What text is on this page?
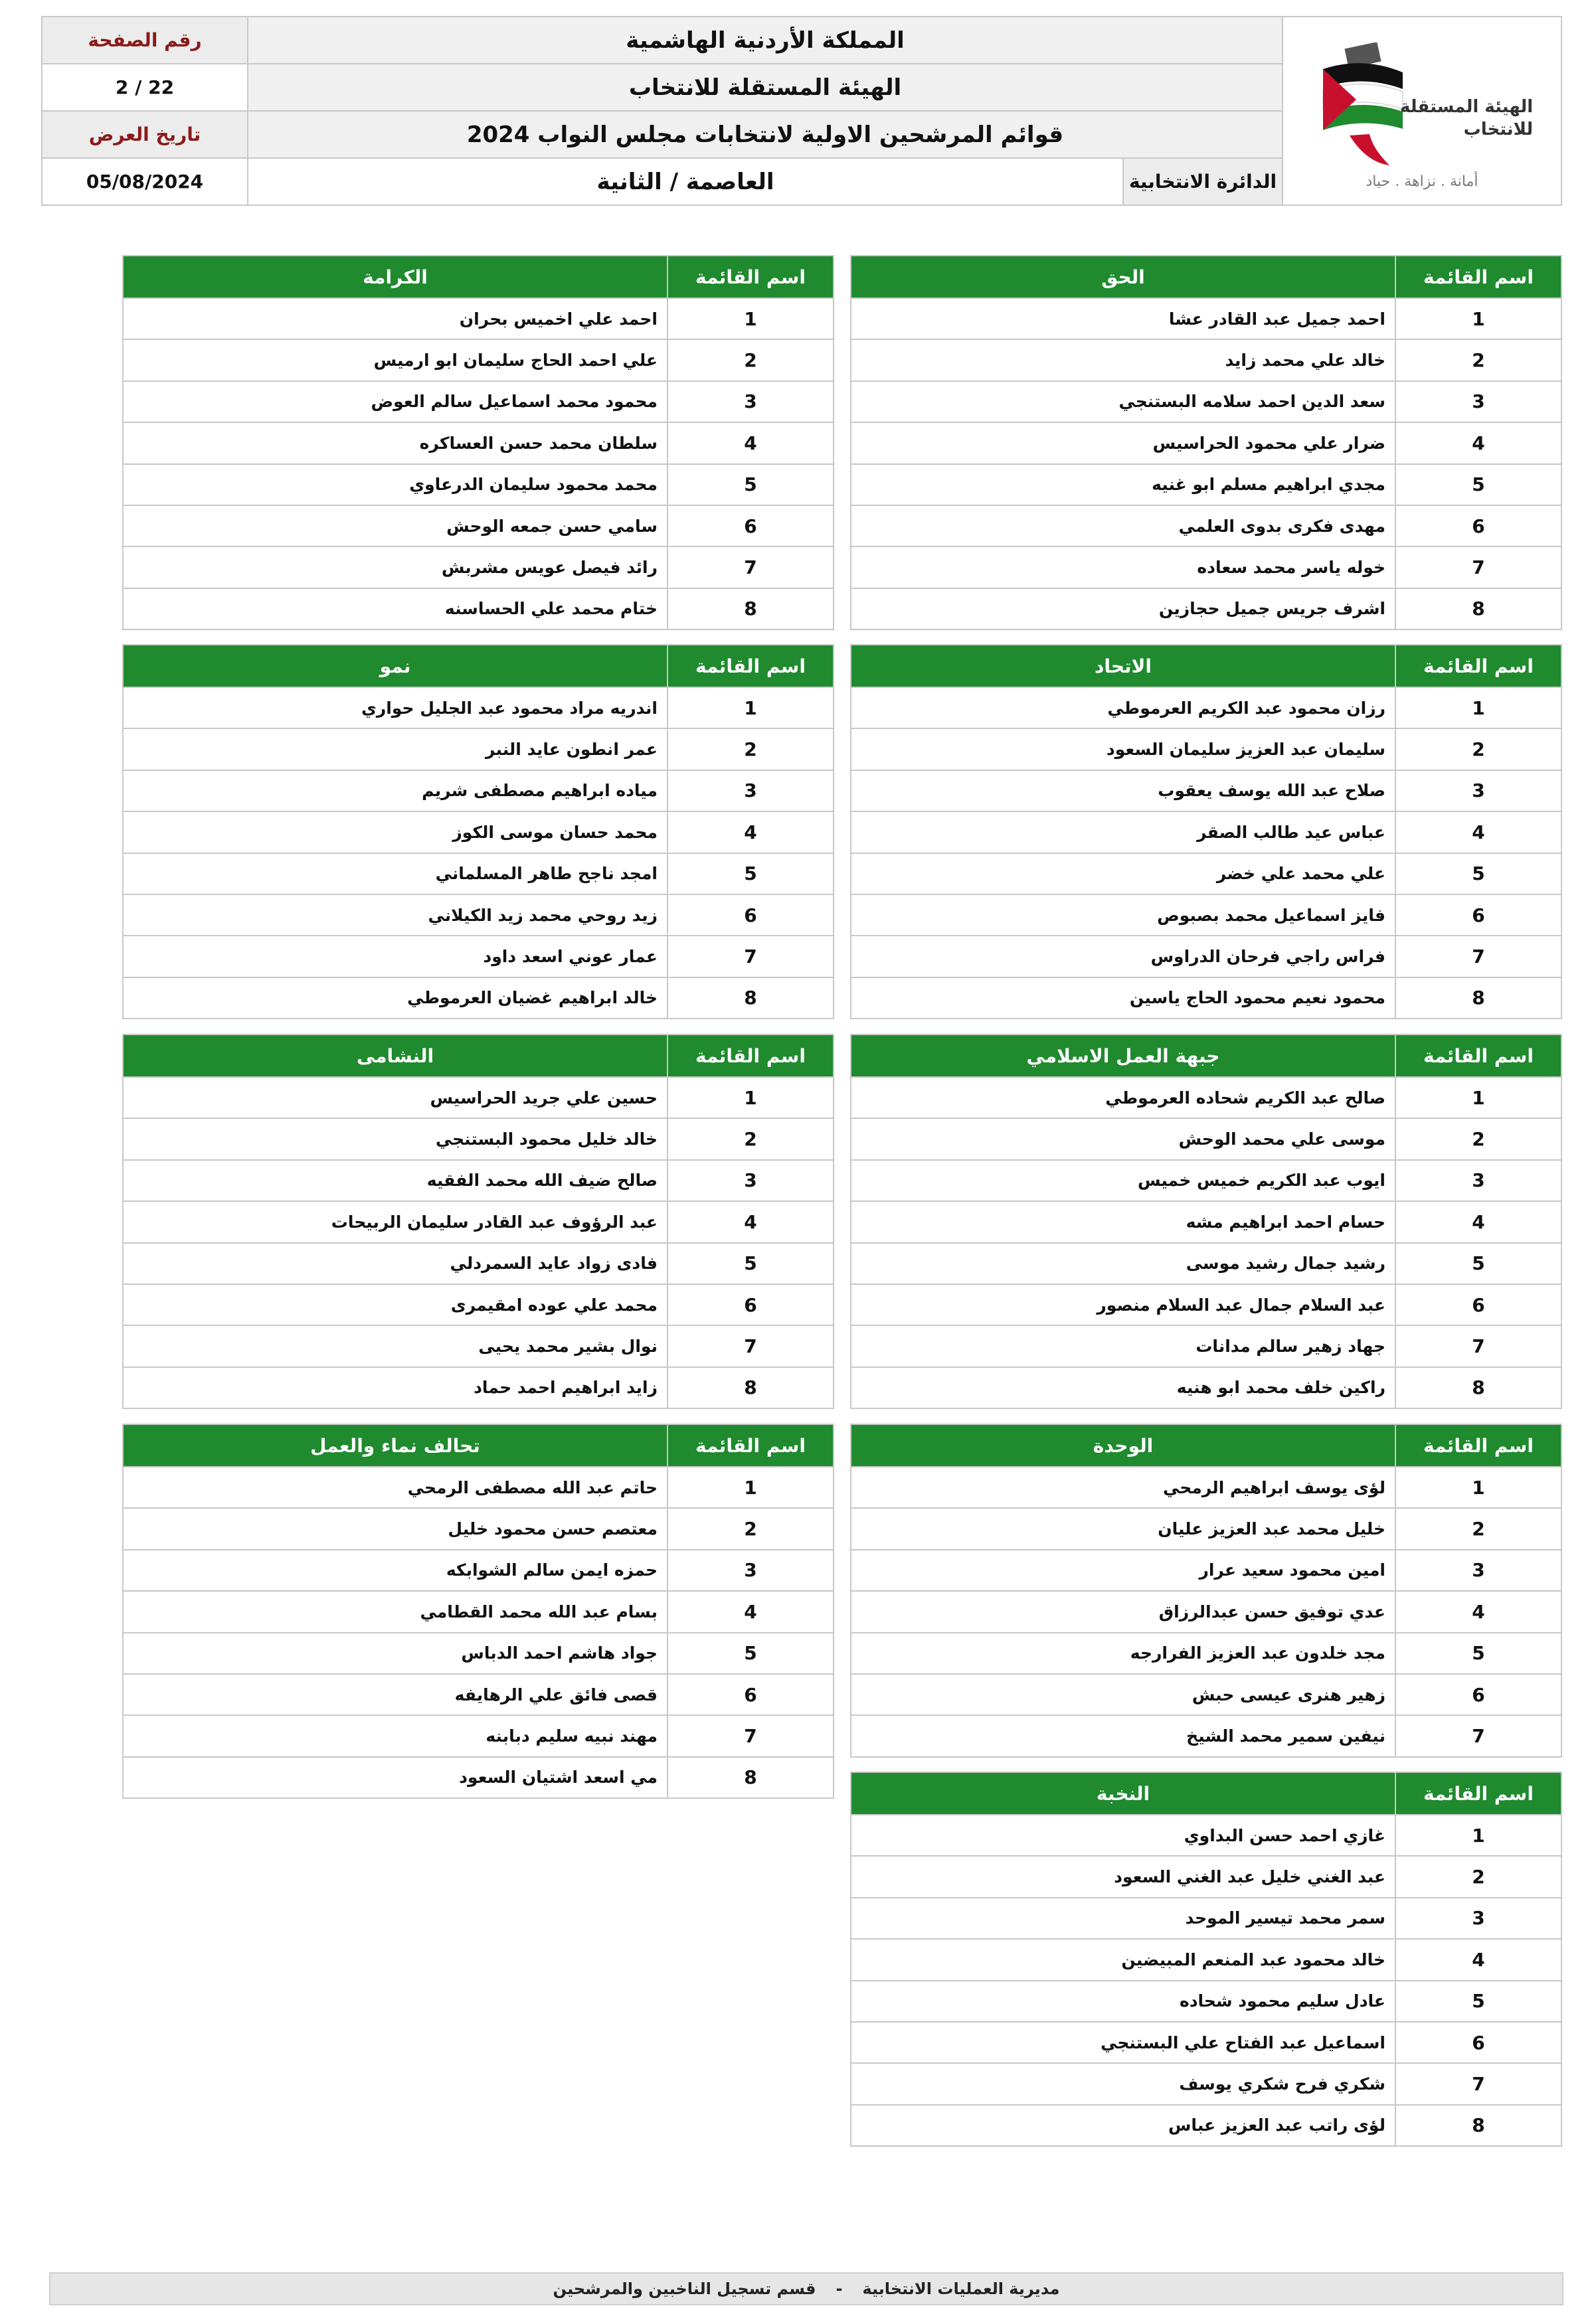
رقم الصفحة
2 / 22
تاريخ العرض
05/08/2024
المملكة الأردنية الهاشمية
الهيئة المستقلة للانتخاب
قوائم المرشحين الاولية لانتخابات مجلس النواب 2024
العاصمة / الثانية	الدائرة الانتخابية
الهيئة المستقلة
للانتخاب
أمانة . نزاهة . حياد
اسم القائمة	الحق
1	احمد جميل عبد القادر عشا
2	خالد علي محمد زايد
3	سعد الدين احمد سلامه البستنجي
4	ضرار علي محمود الحراسيس
5	مجدي ابراهيم مسلم ابو غنيه
6	مهدى فكرى بدوى العلمي
7	خوله ياسر محمد سعاده
8	اشرف جريس جميل حجازين
اسم القائمة	الكرامة
1	احمد علي اخميس بحران
2	علي احمد الحاج سليمان ابو ارميس
3	محمود محمد اسماعيل سالم العوض
4	سلطان محمد حسن العساكره
5	محمد محمود سليمان الدرعاوي
6	سامي حسن جمعه الوحش
7	رائد فيصل عويس مشربش
8	ختام محمد علي الحساسنه
اسم القائمة	الاتحاد
1	رزان محمود عبد الكريم العرموطي
2	سليمان عبد العزيز سليمان السعود
3	صلاح عبد الله يوسف يعقوب
4	عباس عيد طالب الصقر
5	علي محمد علي خضر
6	فايز اسماعيل محمد بصبوص
7	فراس راجي فرحان الدراوس
8	محمود نعيم محمود الحاج ياسين
اسم القائمة	نمو
1	اندريه مراد محمود عبد الجليل حواري
2	عمر انطون عايد النبر
3	مياده ابراهيم مصطفى شريم
4	محمد حسان موسى الكوز
5	امجد ناجح طاهر المسلماني
6	زيد روحي محمد زيد الكيلاني
7	عمار عوني اسعد داود
8	خالد ابراهيم غضيان العرموطي
اسم القائمة	جبهة العمل الاسلامي
1	صالح عبد الكريم شحاده العرموطي
2	موسى علي محمد الوحش
3	ايوب عبد الكريم خميس خميس
4	حسام احمد ابراهيم مشه
5	رشيد جمال رشيد موسى
6	عبد السلام جمال عبد السلام منصور
7	جهاد زهير سالم مدانات
8	راكين خلف محمد ابو هنيه
اسم القائمة	النشامى
1	حسين علي جريد الحراسيس
2	خالد خليل محمود البستنجي
3	صالح ضيف الله محمد الفقيه
4	عبد الرؤوف عبد القادر سليمان الربيحات
5	فادى زواد عايد السمردلي
6	محمد علي عوده امقيمرى
7	نوال بشير محمد يحيى
8	زايد ابراهيم احمد حماد
اسم القائمة	الوحدة
1	لؤى يوسف ابراهيم الرمحي
2	خليل محمد عبد العزيز عليان
3	امين محمود سعيد عرار
4	عدي توفيق حسن عبدالرزاق
5	مجد خلدون عبد العزيز الفرارجه
6	زهير هنرى عيسى حبش
7	نيفين سمير محمد الشيخ
اسم القائمة	تحالف نماء والعمل
1	حاتم عبد الله مصطفى الرمحي
2	معتصم حسن محمود خليل
3	حمزه ايمن سالم الشوابكه
4	بسام عبد الله محمد القطامي
5	جواد هاشم احمد الدباس
6	قصى فائق علي الرهايفه
7	مهند نبيه سليم دبابنه
8	مي اسعد اشتيان السعود
اسم القائمة	النخبة
1	غازي احمد حسن البداوي
2	عبد الغني خليل عبد الغني السعود
3	سمر محمد تيسير الموحد
4	خالد محمود عبد المنعم المبيضين
5	عادل سليم محمود شحاده
6	اسماعيل عبد الفتاح علي البستنجي
7	شكري فرح شكري يوسف
8	لؤى راتب عبد العزيز عباس
مديرية العمليات الانتخابية
-
قسم تسجيل الناخبين والمرشحين
